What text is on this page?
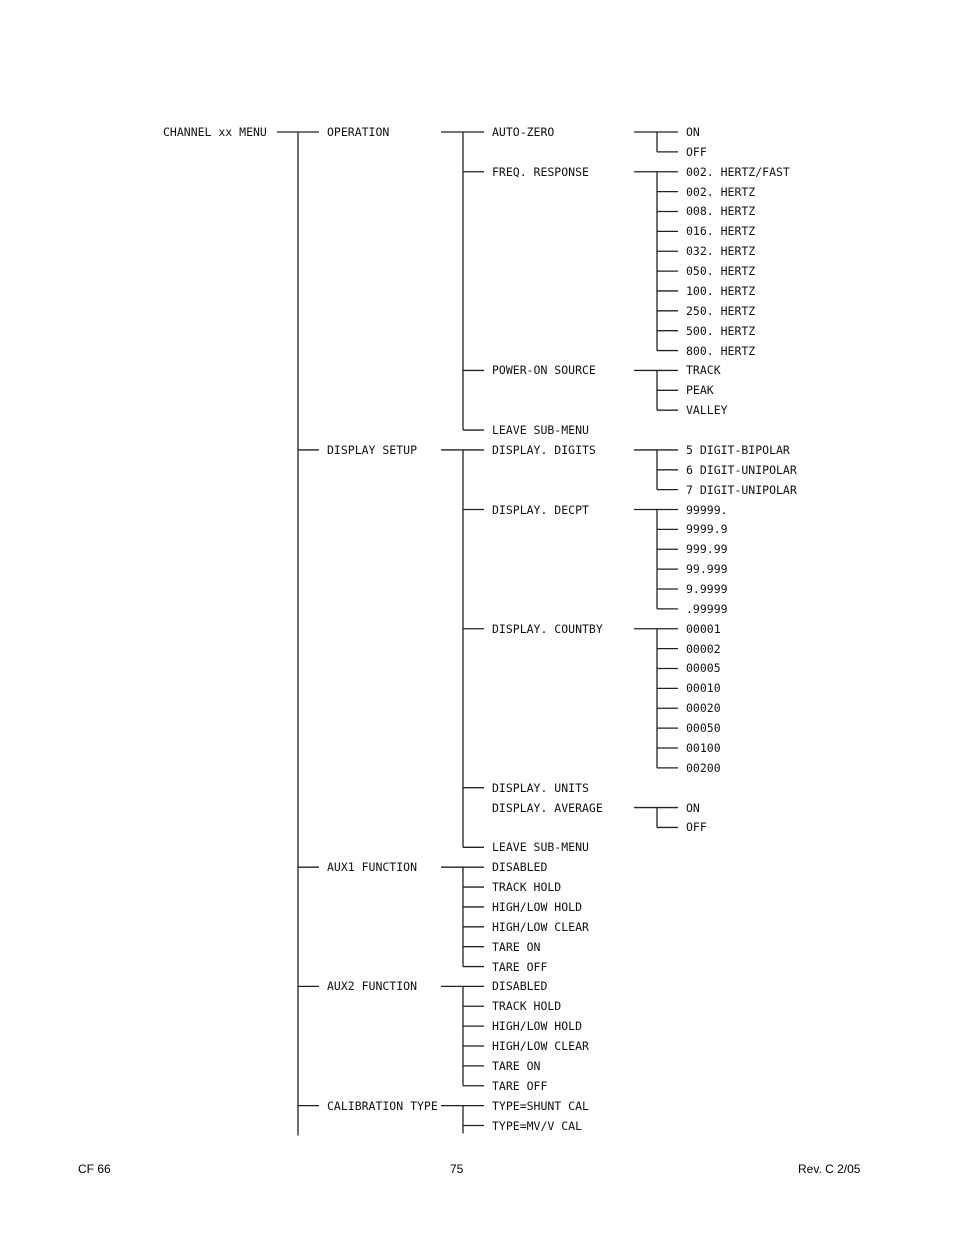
CHANNEL xx MENU	OPERATION	AUTO-ZERO	ON
OFF
FREQ. RESPONSE	002. HERTZ/FAST
002. HERTZ
008. HERTZ
016. HERTZ
032. HERTZ
050. HERTZ
100. HERTZ
250. HERTZ
500. HERTZ
800. HERTZ
POWER-ON SOURCE	TRACK
PEAK
VALLEY
LEAVE SUB-MENU
DISPLAY SETUP	DISPLAY. DIGITS	5 DIGIT-BIPOLAR
6 DIGIT-UNIPOLAR
7 DIGIT-UNIPOLAR
DISPLAY. DECPT	99999.
9999.9
999.99
99.999
9.9999
.99999
DISPLAY. COUNTBY	00001
00002
00005
00010
00020
00050
00100
00200
DISPLAY. UNITS
DISPLAY. AVERAGE	ON
OFF
LEAVE SUB-MENU
AUX1 FUNCTION	DISABLED
TRACK HOLD
HIGH/LOW HOLD
HIGH/LOW CLEAR
TARE ON
TARE OFF
AUX2 FUNCTION	DISABLED
TRACK HOLD
HIGH/LOW HOLD
HIGH/LOW CLEAR
TARE ON
TARE OFF
CALIBRATION TYPE	TYPE=SHUNT CAL
TYPE=MV/V CAL
CF 66	75	Rev. C 2/05
